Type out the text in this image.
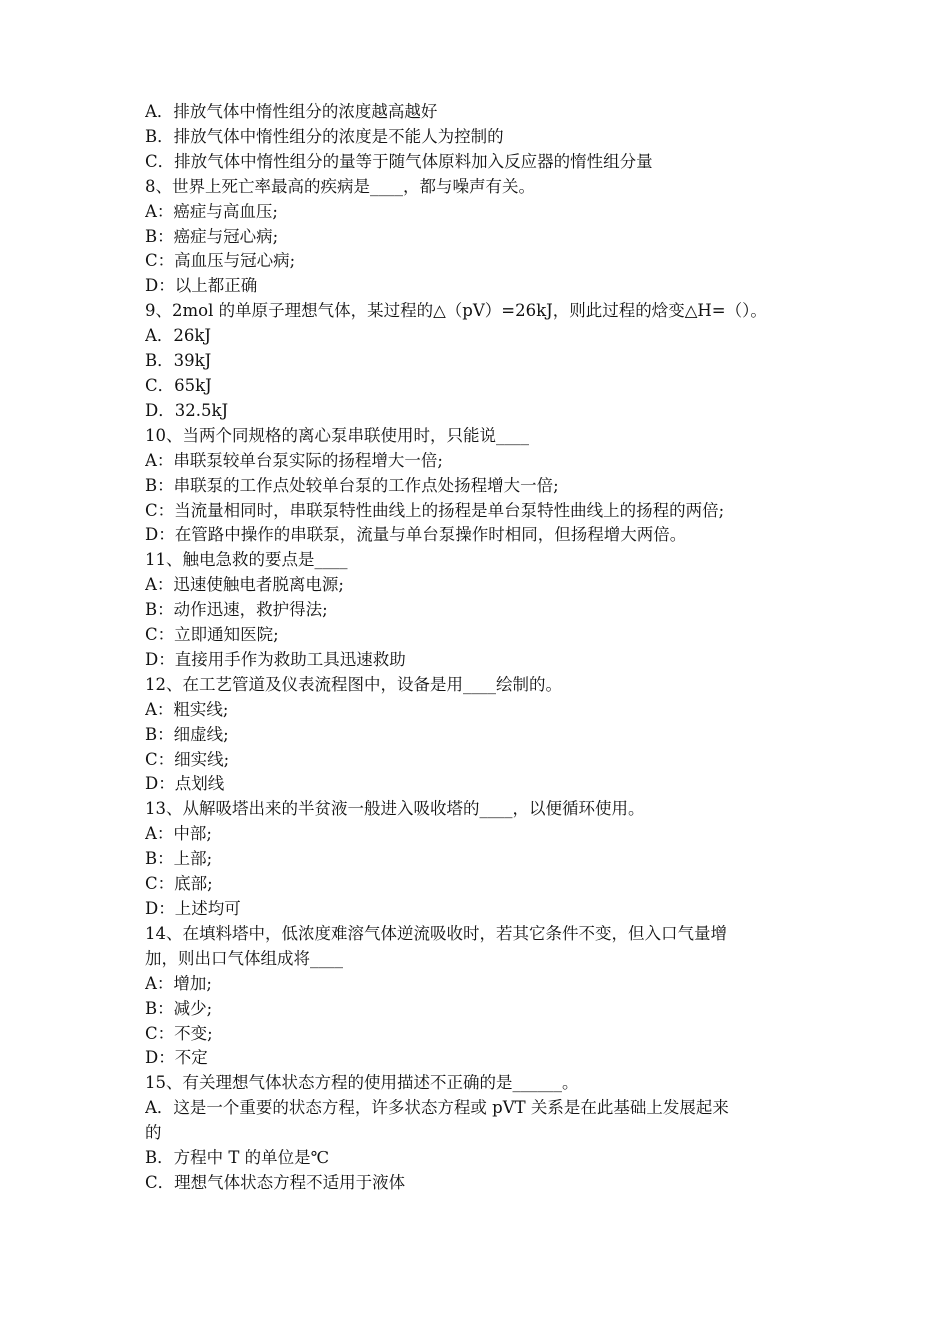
A．排放气体中惰性组分的浓度越高越好
B．排放气体中惰性组分的浓度是不能人为控制的
C．排放气体中惰性组分的量等于随气体原料加入反应器的惰性组分量
8、世界上死亡率最高的疾病是____，都与噪声有关。
A：癌症与高血压;
B：癌症与冠心病;
C：高血压与冠心病;
D：以上都正确
9、2mol 的单原子理想气体，某过程的△（pV）=26kJ，则此过程的焓变△H=（）。
A．26kJ
B．39kJ
C．65kJ
D．32.5kJ
10、当两个同规格的离心泵串联使用时，只能说____
A：串联泵较单台泵实际的扬程增大一倍;
B：串联泵的工作点处较单台泵的工作点处扬程增大一倍;
C：当流量相同时，串联泵特性曲线上的扬程是单台泵特性曲线上的扬程的两倍;
D：在管路中操作的串联泵，流量与单台泵操作时相同，但扬程增大两倍。
11、触电急救的要点是____
A：迅速使触电者脱离电源;
B：动作迅速，救护得法;
C：立即通知医院;
D：直接用手作为救助工具迅速救助
12、在工艺管道及仪表流程图中，设备是用____绘制的。
A：粗实线;
B：细虚线;
C：细实线;
D：点划线
13、从解吸塔出来的半贫液一般进入吸收塔的____，以便循环使用。
A：中部;
B：上部;
C：底部;
D：上述均可
14、在填料塔中，低浓度难溶气体逆流吸收时，若其它条件不变，但入口气量增
加，则出口气体组成将____
A：增加;
B：减少;
C：不变;
D：不定
15、有关理想气体状态方程的使用描述不正确的是______。
A．这是一个重要的状态方程，许多状态方程或 pVT 关系是在此基础上发展起来
的
B．方程中 T 的单位是℃
C．理想气体状态方程不适用于液体
